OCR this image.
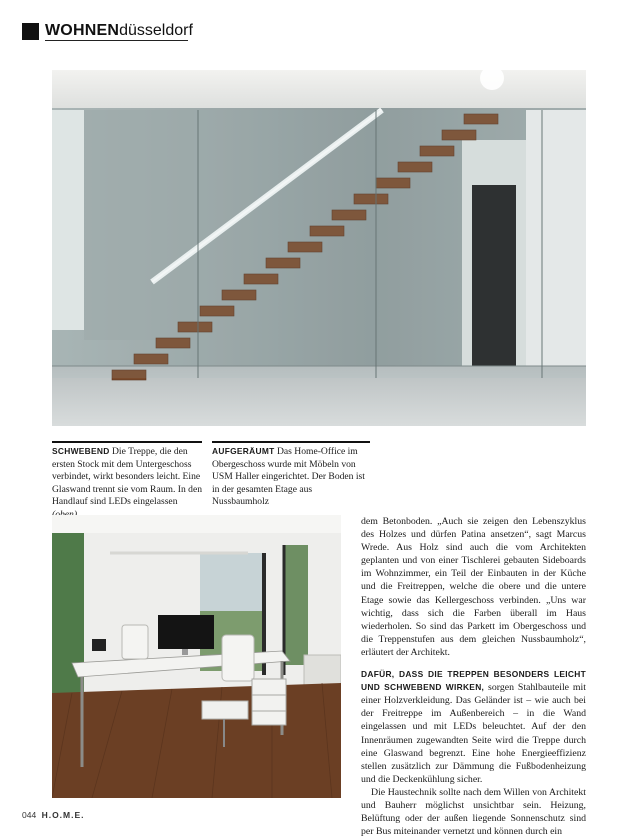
WOHNEN düsseldorf
SCHWEBEND Die Treppe, die den ersten Stock mit dem Untergeschoss verbindet, wirkt besonders leicht. Eine Glaswand trennt sie vom Raum. In den Handlauf sind LEDs eingelassen
AUFGERÄUMT Das Home-Office im Obergeschoss wurde mit Möbeln von USM Haller eingerichtet. Der Boden ist in der gesamten Etage aus Nussbaumholz

dem Betonboden. „Auch sie zeigen den Lebenszyklus des Holzes und dürfen Patina ansetzen“, sagt Marcus Wrede. Aus Holz sind auch die vom Architekten geplanten und von einer Tischlerei gebauten Sideboards im Wohnzimmer, ein Teil der Einbauten in der Küche und die Freitreppen, welche die obere und die untere Etage sowie das Kellergeschoss verbinden. „Uns war wichtig, dass sich die Farben überall im Haus wiederholen. So sind das Parkett im Obergeschoss und die Treppenstufen aus dem gleichen Nussbaumholz“, erläutert der Architekt.

DAFÜR, DASS DIE TREPPEN BESONDERS LEICHT UND SCHWEBEND WIRKEN, sorgen Stahlbauteile mit einer Holzverkleidung. Das Geländer ist – wie auch bei der Freitreppe im Außenbereich – in die Wand eingelassen und mit LEDs beleuchtet. Auf der den Innenräumen zugewandten Seite wird die Treppe durch eine Glaswand begrenzt. Eine hohe Energieeffizienz stellen zusätzlich zur Dämmung die Fußbodenheizung und die Deckenkühlung sicher.

Die Haustechnik sollte nach dem Willen von Architekt und Bauherr möglichst unsichtbar sein. Heizung, Belüftung oder der außen liegende Sonnenschutz sind per Bus miteinander vernetzt und können durch ein

044 H.O.M.E.
